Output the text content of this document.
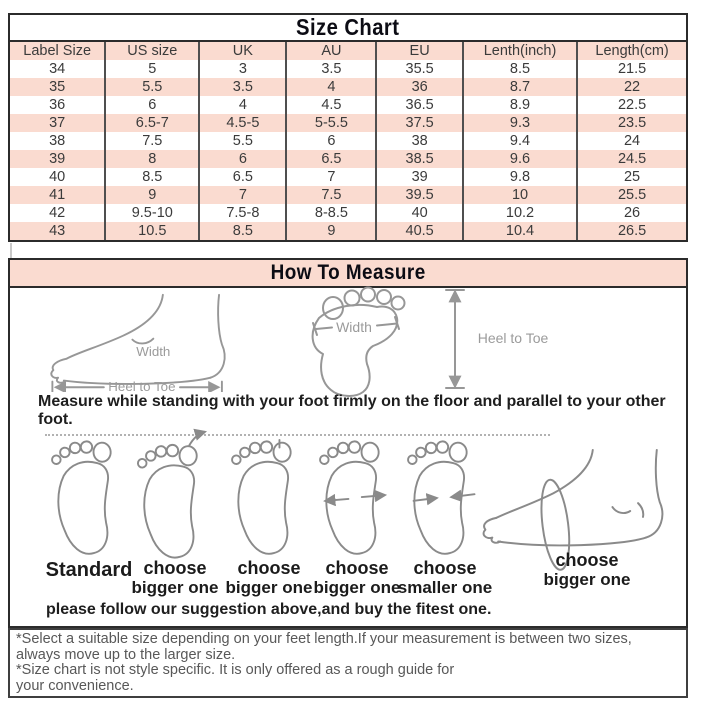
Size Chart
Label Size	US size	UK	AU	EU	Lenth(inch)	Length(cm)
34	5	3	3.5	35.5	8.5	21.5
35	5.5	3.5	4	36	8.7	22
36	6	4	4.5	36.5	8.9	22.5
37	6.5-7	4.5-5	5-5.5	37.5	9.3	23.5
38	7.5	5.5	6	38	9.4	24
39	8	6	6.5	38.5	9.6	24.5
40	8.5	6.5	7	39	9.8	25
41	9	7	7.5	39.5	10	25.5
42	9.5-10	7.5-8	8-8.5	40	10.2	26
43	10.5	8.5	9	40.5	10.4	26.5
How To Measure
Width
Heel to Toe
Width
Heel to Toe

Measure while standing with your foot firmly on the floor and parallel to your other foot.

Standard choose
bigger one
choose
bigger one
choose
bigger one
choose
smaller one
choose
bigger one

please follow our suggestion above,and buy the fitest one.

*Select a suitable size depending on your feet length.If your measurement is between two sizes,
always move up to the larger size.
*Size chart is not style specific. It is only offered as a rough guide for
your convenience.
